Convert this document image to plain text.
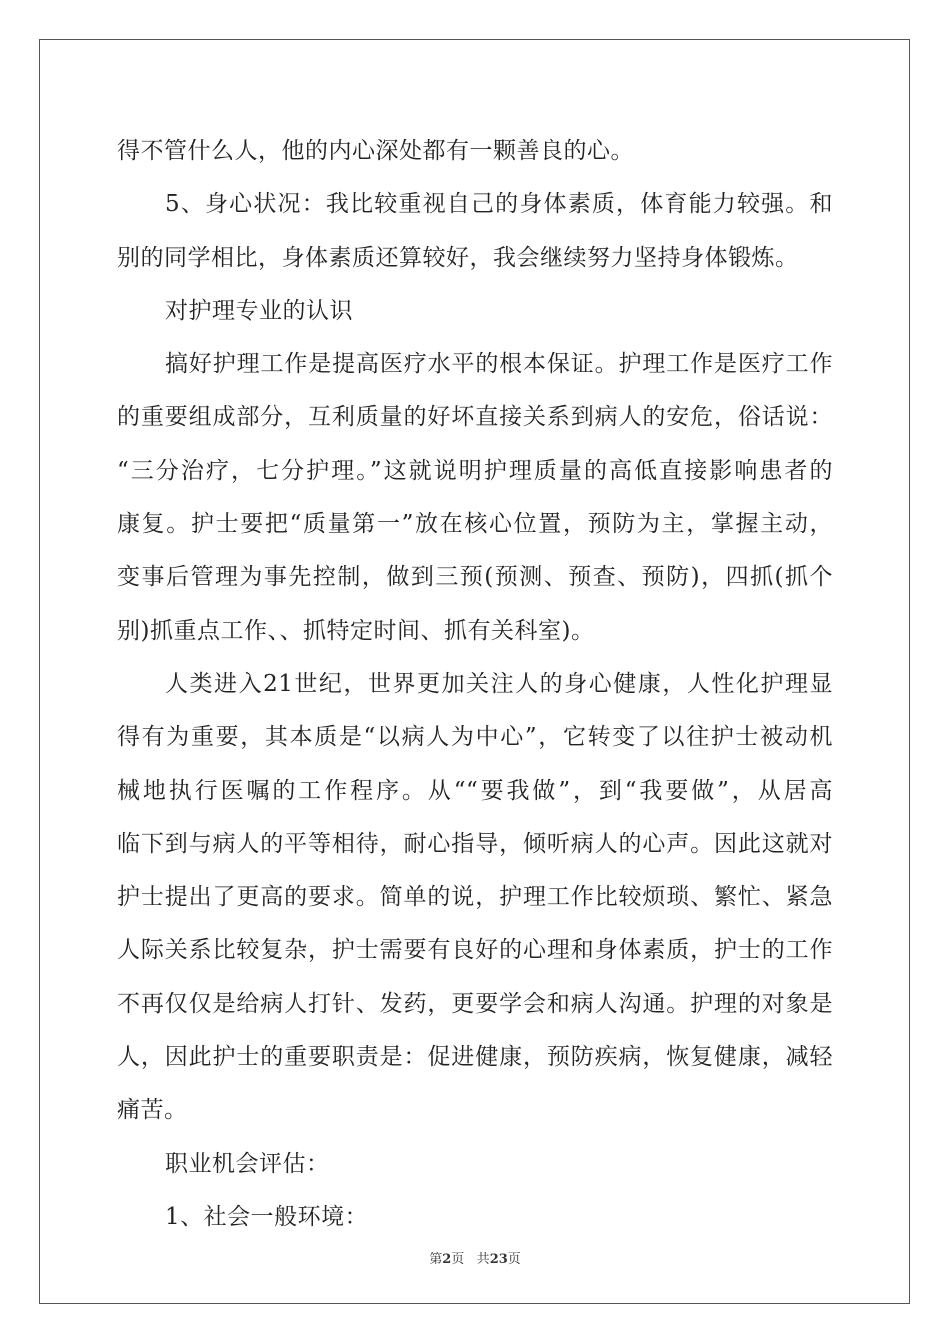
得不管什么人，他的内心深处都有一颗善良的心。
5、身心状况：我比较重视自己的身体素质，体育能力较强。和
别的同学相比，身体素质还算较好，我会继续努力坚持身体锻炼。
对护理专业的认识
搞好护理工作是提高医疗水平的根本保证。护理工作是医疗工作
的重要组成部分，互利质量的好坏直接关系到病人的安危，俗话说：
“三分治疗，七分护理。”这就说明护理质量的高低直接影响患者的
康复。护士要把“质量第一”放在核心位置，预防为主，掌握主动，
变事后管理为事先控制，做到三预(预测、预查、预防)，四抓(抓个
别)抓重点工作、、抓特定时间、抓有关科室)。
人类进入21世纪，世界更加关注人的身心健康，人性化护理显
得有为重要，其本质是“以病人为中心”，它转变了以往护士被动机
械地执行医嘱的工作程序。从““要我做”，到“我要做”，从居高
临下到与病人的平等相待，耐心指导，倾听病人的心声。因此这就对
护士提出了更高的要求。简单的说，护理工作比较烦琐、繁忙、紧急
人际关系比较复杂，护士需要有良好的心理和身体素质，护士的工作
不再仅仅是给病人打针、发药，更要学会和病人沟通。护理的对象是
人，因此护士的重要职责是：促进健康，预防疾病，恢复健康，减轻
痛苦。
职业机会评估：
1、社会一般环境：
第2页 共23页
